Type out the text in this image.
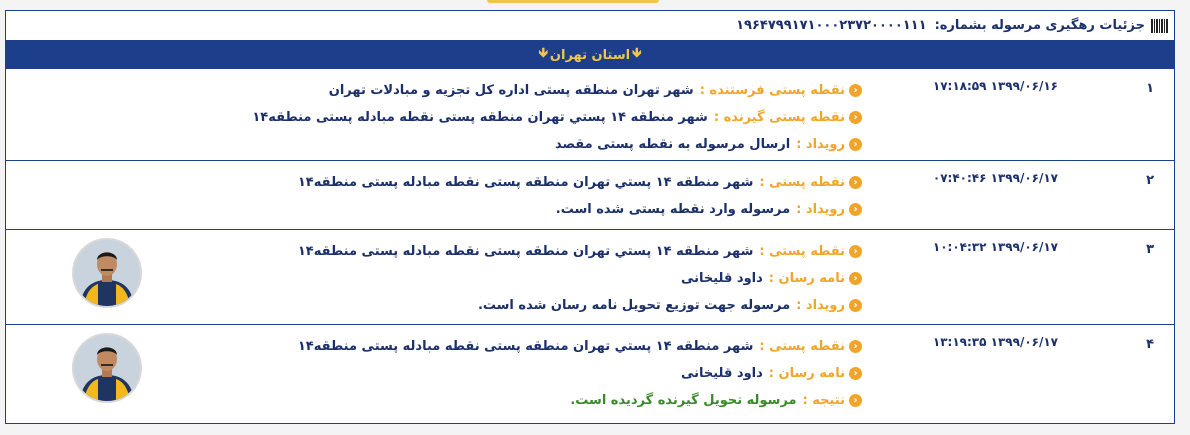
جزئیات رهگیری مرسوله بشماره:
۱۹۶۴۷۹۹۱۷۱۰۰۰۲۳۷۲۰۰۰۰۱۱۱
🡻
استان تهران
🡻
۱
۱۳۹۹/۰۶/۱۶ ۱۷:۱۸:۵۹
‹
نقطه پستی فرستنده :
شهر تهران منطقه پستی اداره کل تجزیه و مبادلات تهران
‹
نقطه پستی گیرنده :
شهر منطقه ۱۴ پستي تهران منطقه پستی نقطه مبادله پستی منطقه۱۴
‹
رویداد :
ارسال مرسوله به نقطه پستی مقصد
۲
۱۳۹۹/۰۶/۱۷ ۰۷:۴۰:۴۶
‹
نقطه پستی :
شهر منطقه ۱۴ پستي تهران منطقه پستی نقطه مبادله پستی منطقه۱۴
‹
رویداد :
مرسوله وارد نقطه پستی شده است.
۳
۱۳۹۹/۰۶/۱۷ ۱۰:۰۴:۳۲
‹
نقطه پستی :
شهر منطقه ۱۴ پستي تهران منطقه پستی نقطه مبادله پستی منطقه۱۴
‹
نامه رسان :
داود قلیخانی
‹
رویداد :
مرسوله جهت توزیع تحویل نامه رسان شده است.
۴
۱۳۹۹/۰۶/۱۷ ۱۳:۱۹:۳۵
‹
نقطه پستی :
شهر منطقه ۱۴ پستي تهران منطقه پستی نقطه مبادله پستی منطقه۱۴
‹
نامه رسان :
داود قلیخانی
‹
نتیجه :
مرسوله تحویل گیرنده گردیده است.
